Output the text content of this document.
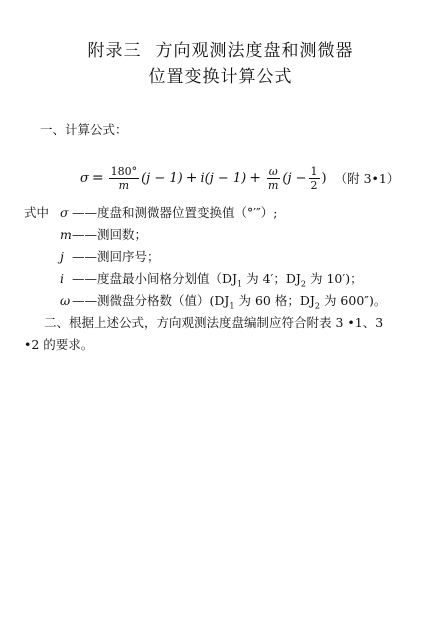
附录三 方向观测法度盘和测微器
位置变换计算公式
一、计算公式：
$\sigma = \frac{180^\circ}{m} (j - 1) + i$ $(j - 1) + \frac{\omega}{m} (j - \frac{1}{2}$ ) （附 3•1）
式中 σ ——度盘和测微器位置变换值（°′″）;
m——测回数；
j ——测回序号；
i ——度盘最小间格分划值（$DJ_1$ 为 4′；$DJ_2$ 为 10′)；
ω ——测微盘分格数（值）($DJ_1$ 为 60 格；$DJ_2$ 为 600″)。
二、根据上述公式，方向观测法度盘编制应符合附表 3 •1、3
•2 的要求。
